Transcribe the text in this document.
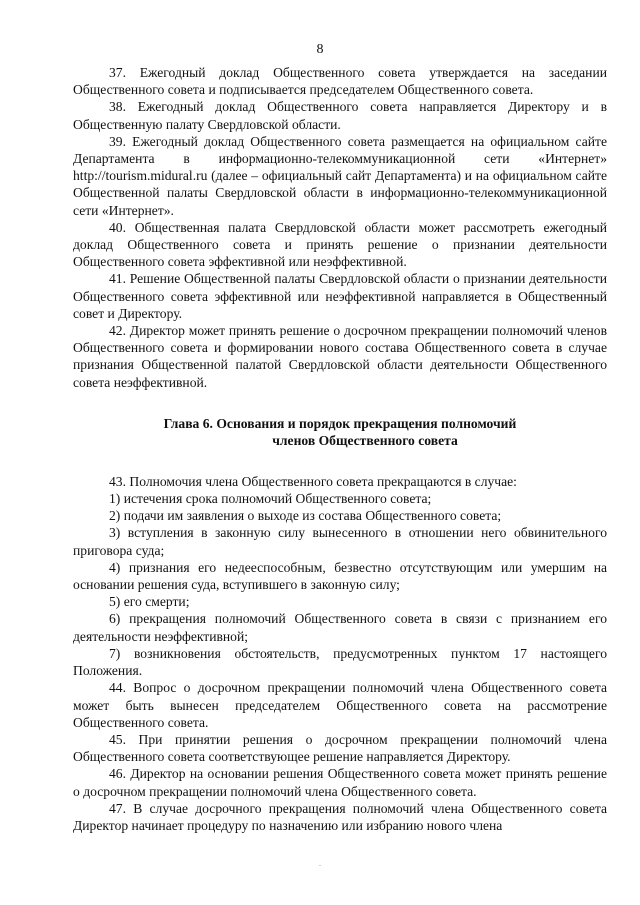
8

37. Ежегодный доклад Общественного совета утверждается на заседании Общественного совета и подписывается председателем Общественного совета.

38. Ежегодный доклад Общественного совета направляется Директору и в Общественную палату Свердловской области.

39. Ежегодный доклад Общественного совета размещается на официальном сайте Департамента в информационно-телекоммуникационной сети «Интернет» http://tourism.midural.ru (далее – официальный сайт Департамента) и на официальном сайте Общественной палаты Свердловской области в информационно-телекоммуникационной сети «Интернет».

40. Общественная палата Свердловской области может рассмотреть ежегодный доклад Общественного совета и принять решение о признании деятельности Общественного совета эффективной или неэффективной.

41. Решение Общественной палаты Свердловской области о признании деятельности Общественного совета эффективной или неэффективной направляется в Общественный совет и Директору.

42. Директор может принять решение о досрочном прекращении полномочий членов Общественного совета и формировании нового состава Общественного совета в случае признания Общественной палатой Свердловской области деятельности Общественного совета неэффективной.

Глава 6. Основания и порядок прекращения полномочий
членов Общественного совета

43. Полномочия члена Общественного совета прекращаются в случае:

1) истечения срока полномочий Общественного совета;

2) подачи им заявления о выходе из состава Общественного совета;

3) вступления в законную силу вынесенного в отношении него обвинительного приговора суда;

4) признания его недееспособным, безвестно отсутствующим или умершим на основании решения суда, вступившего в законную силу;

5) его смерти;

6) прекращения полномочий Общественного совета в связи с признанием его деятельности неэффективной;

7) возникновения обстоятельств, предусмотренных пунктом 17 настоящего Положения.

44. Вопрос о досрочном прекращении полномочий члена Общественного совета может быть вынесен председателем Общественного совета на рассмотрение Общественного совета.

45. При принятии решения о досрочном прекращении полномочий члена Общественного совета соответствующее решение направляется Директору.

46. Директор на основании решения Общественного совета может принять решение о досрочном прекращении полномочий члена Общественного совета.

47. В случае досрочного прекращения полномочий члена Общественного совета Директор начинает процедуру по назначению или избранию нового члена

.
